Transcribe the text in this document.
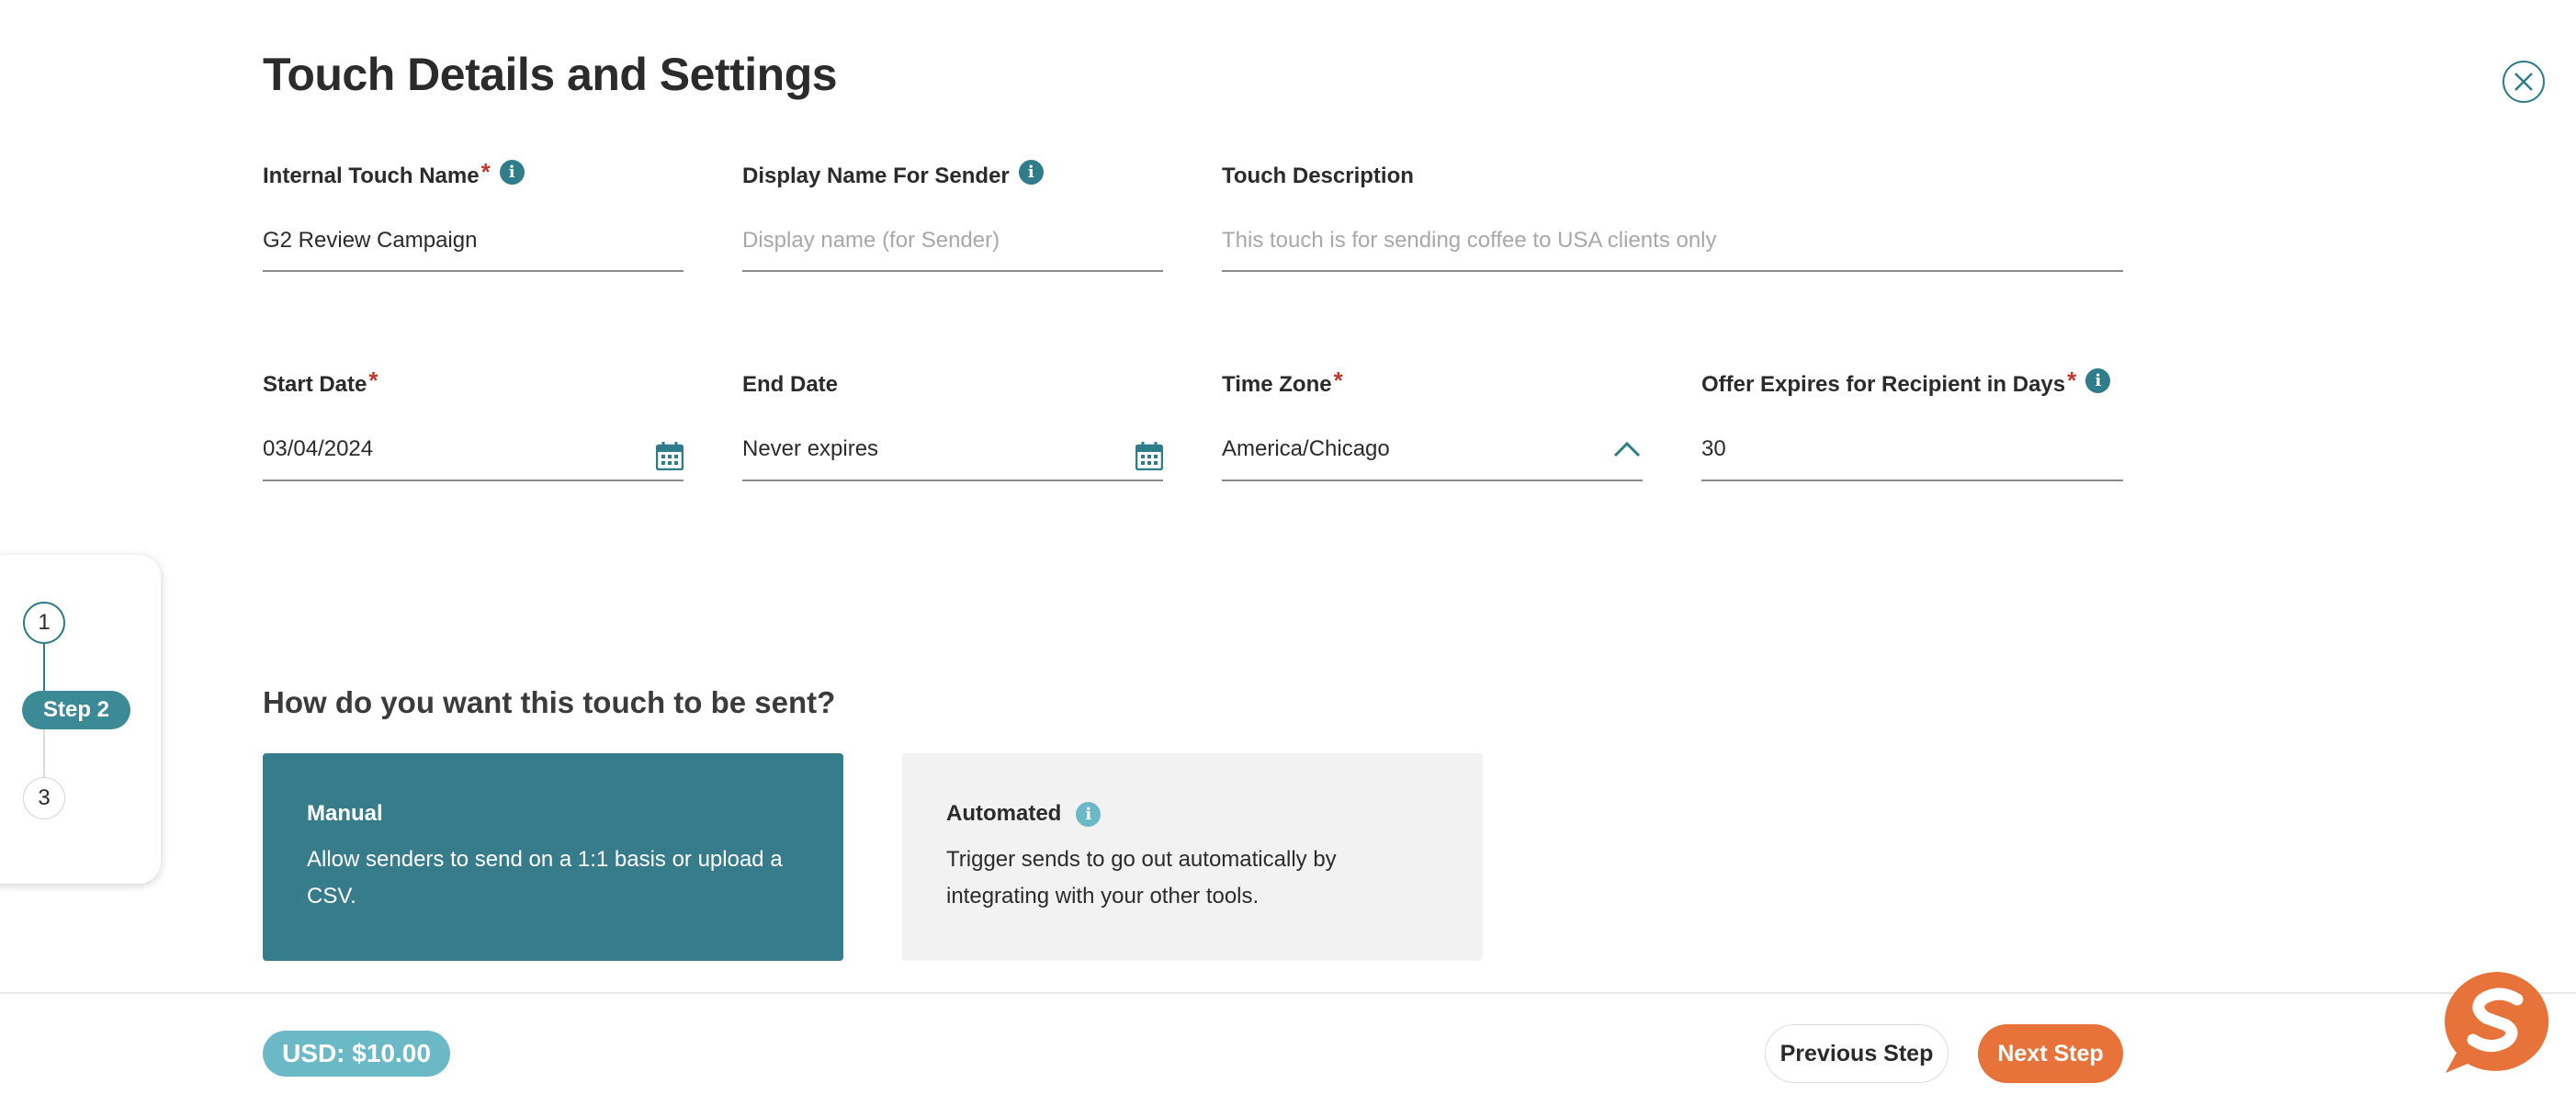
Touch Details and Settings
Internal Touch Name *	i
G2 Review Campaign
Display Name For Sender	i
Display name (for Sender)
Touch Description
This touch is for sending coffee to USA clients only
Start Date *
03/04/2024
End Date
Never expires
Time Zone *
America/Chicago
Offer Expires for Recipient in Days *	i
30
1
Step 2
3
How do you want this touch to be sent?
Manual
Allow senders to send on a 1:1 basis or upload a CSV.
Automated	i
Trigger sends to go out automatically by integrating with your other tools.
USD: $10.00	Previous Step	Next Step
